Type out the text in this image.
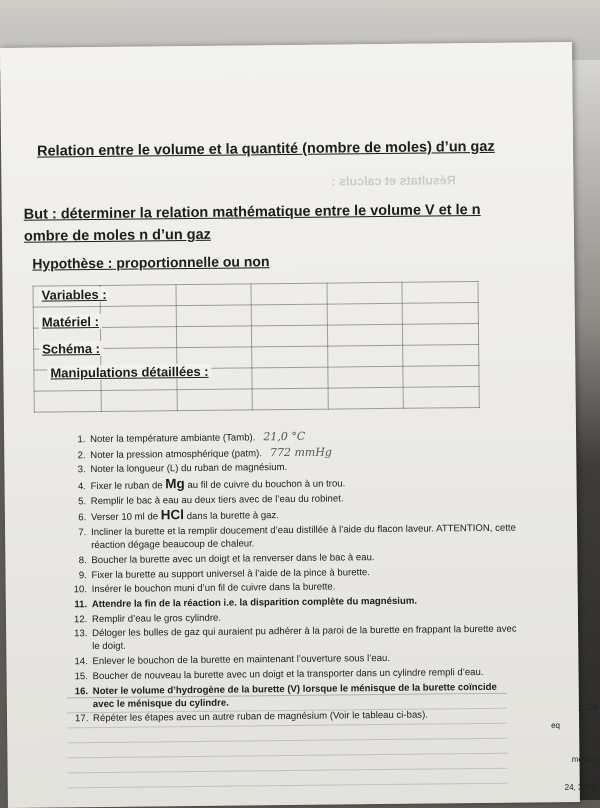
Relation entre le volume et la quantité (nombre de moles) d’un gaz
Résultats et calculs :
But : déterminer la relation mathématique entre le volume V et le n ombre de moles n d’un gaz
Hypothèse : proportionnelle ou non

Variables :
Matériel :
Schéma :
Manipulations détaillées :
1. Noter la température ambiante (Tamb). 21,0 °C
2. Noter la pression atmosphérique (patm). 772 mmHg
3. Noter la longueur (L) du ruban de magnésium.
4. Fixer le ruban de Mg au fil de cuivre du bouchon à un trou.
5. Remplir le bac à eau au deux tiers avec de l’eau du robinet.
6. Verser 10 ml de HCl dans la burette à gaz.
7. Incliner la burette et la remplir doucement d’eau distillée à l’aide du flacon laveur. ATTENTION, cette réaction dégage beaucoup de chaleur.
8. Boucher la burette avec un doigt et la renverser dans le bac à eau.
9. Fixer la burette au support universel à l’aide de la pince à burette.
10. Insérer le bouchon muni d’un fil de cuivre dans la burette.
11. Attendre la fin de la réaction i.e. la disparition complète du magnésium.
12. Remplir d’eau le gros cylindre.
13. Déloger les bulles de gaz qui auraient pu adhérer à la paroi de la burette en frappant la burette avec le doigt.
14. Enlever le bouchon de la burette en maintenant l’ouverture sous l’eau.
15. Boucher de nouveau la burette avec un doigt et la transporter dans un cylindre rempli d’eau.
16. Noter le volume d’hydrogène de la burette (V) lorsque le ménisque de la burette coïncide avec le ménisque du cylindre.
17. Répéter les étapes avec un autre ruban de magnésium (Voir le tableau ci-bas).
x 100
eq
molaire
24, 305g/
